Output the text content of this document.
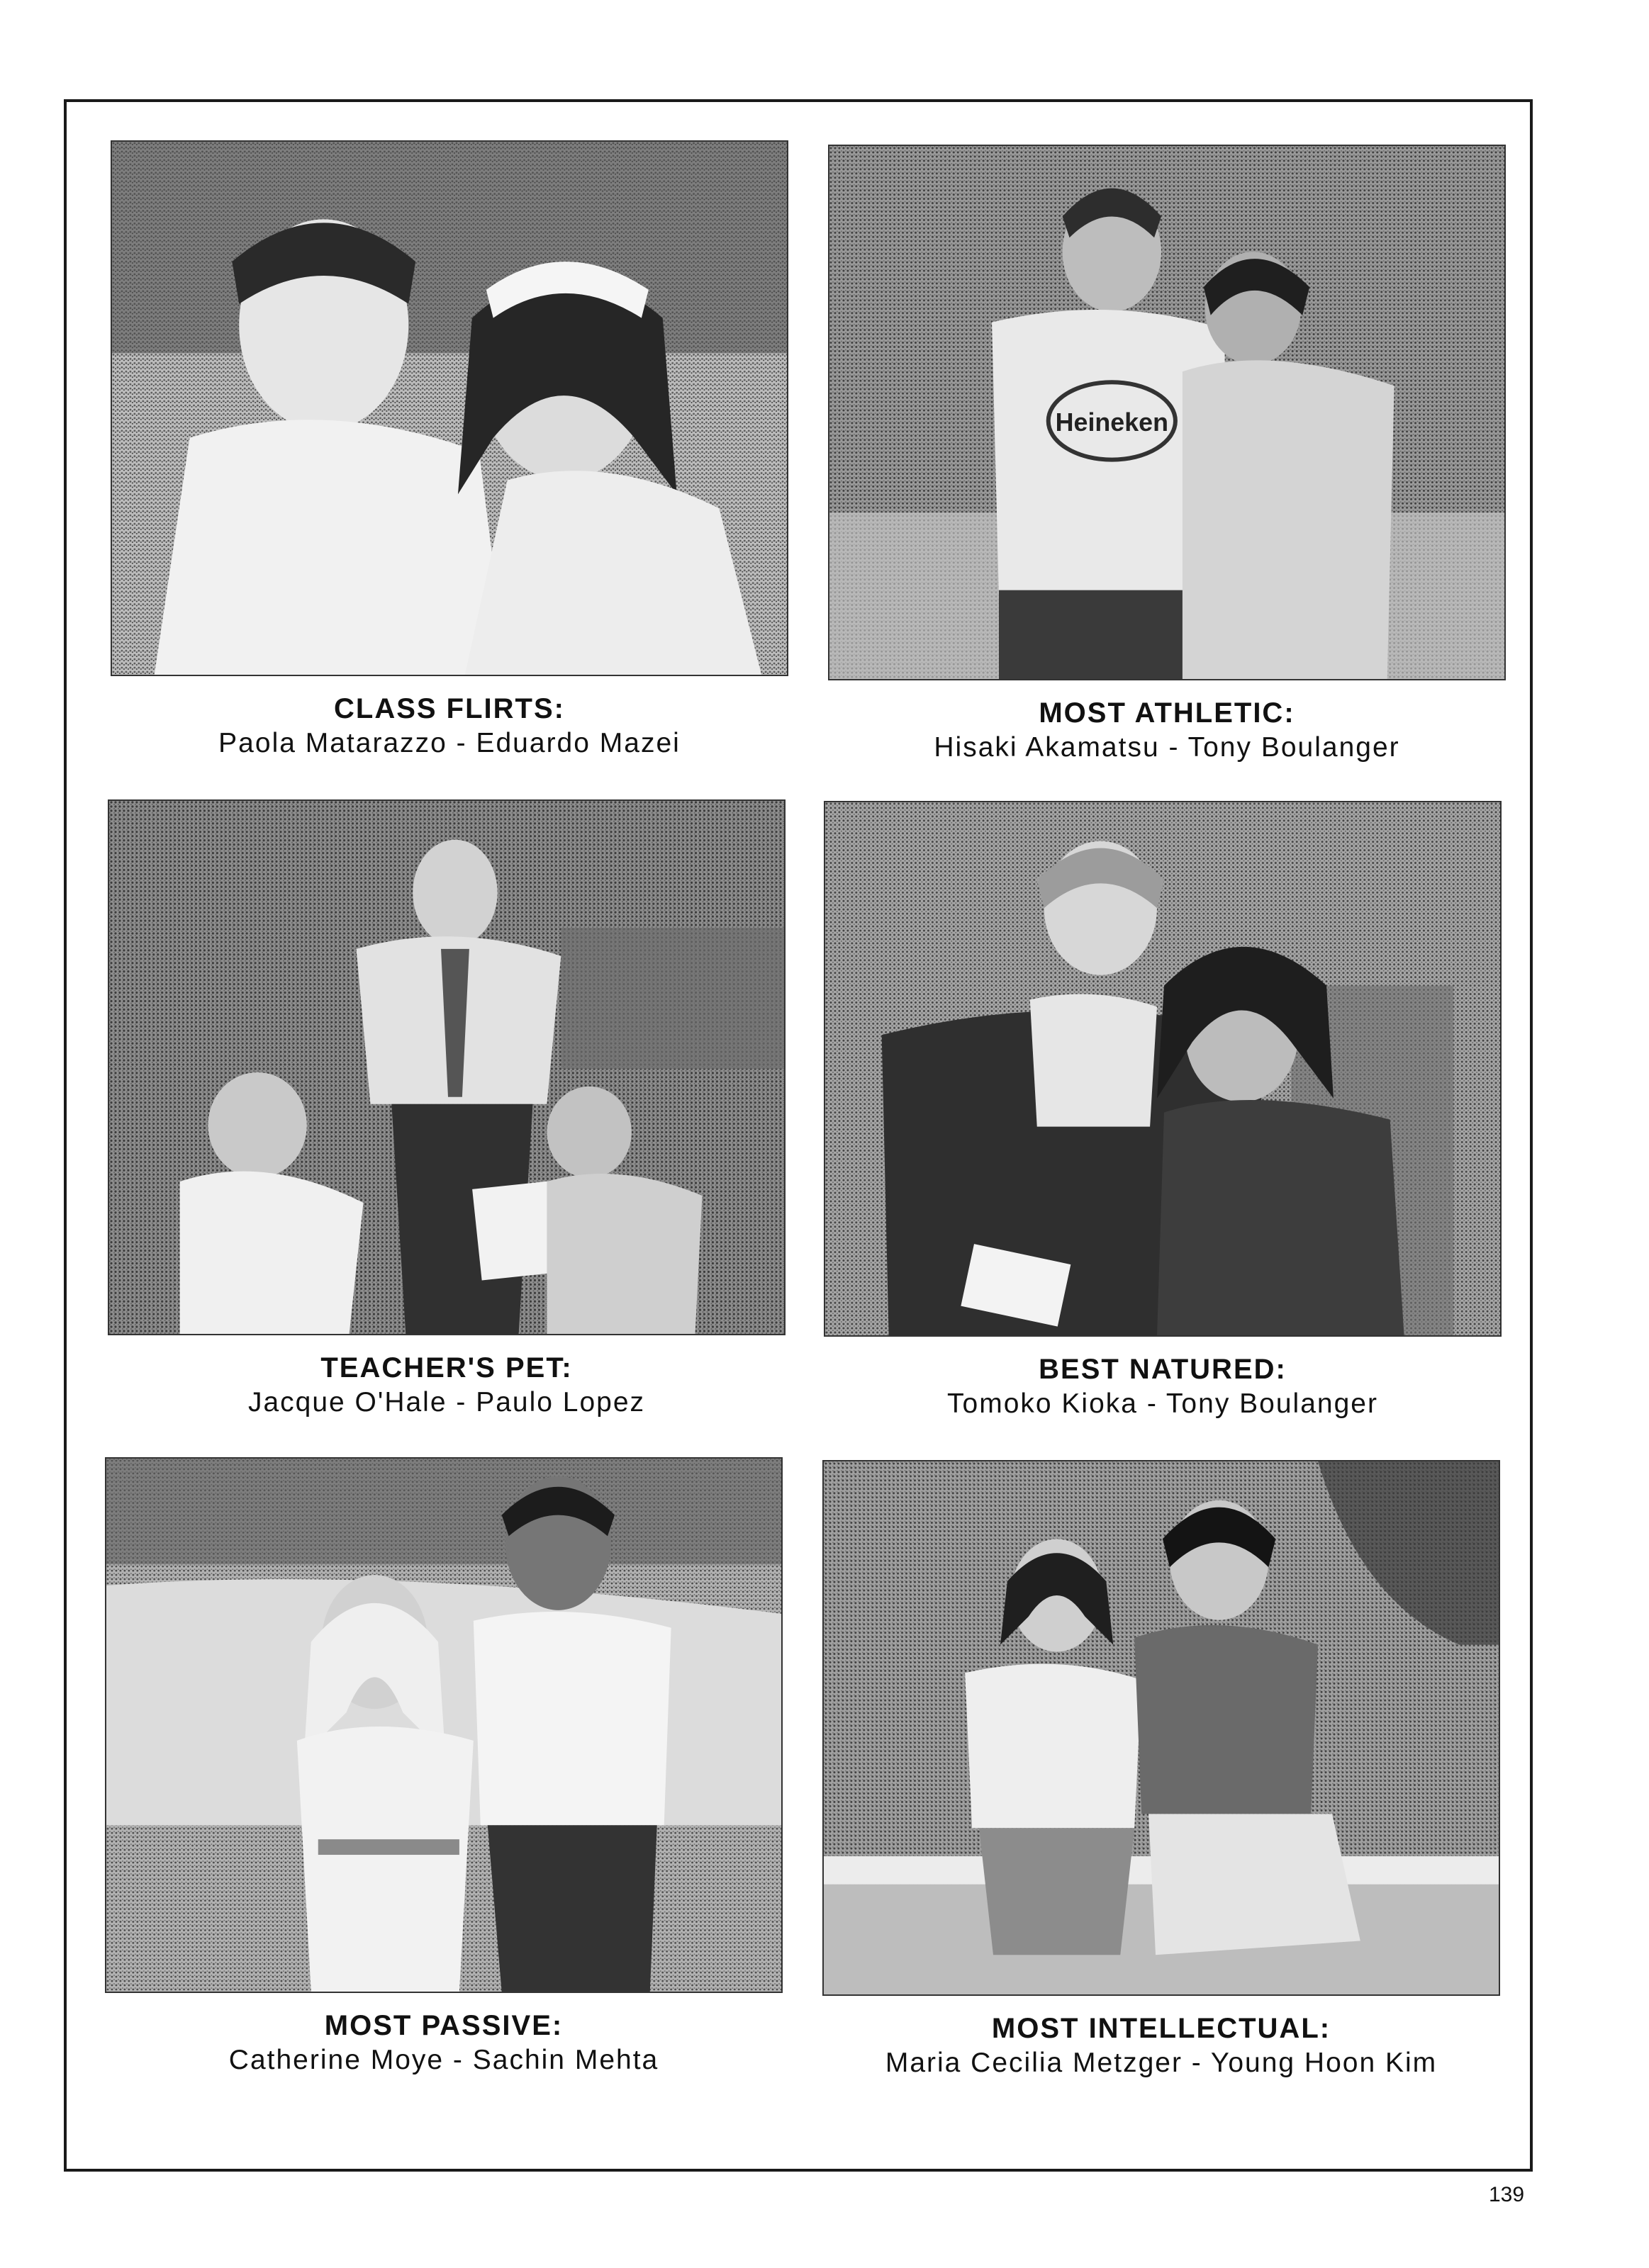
CLASS FLIRTS:
Paola Matarazzo - Eduardo Mazei
Heineken
MOST ATHLETIC:
Hisaki Akamatsu - Tony Boulanger
TEACHER'S PET:
Jacque O'Hale - Paulo Lopez
BEST NATURED:
Tomoko Kioka - Tony Boulanger
MOST PASSIVE:
Catherine Moye - Sachin Mehta
MOST INTELLECTUAL:
Maria Cecilia Metzger - Young Hoon Kim
139
